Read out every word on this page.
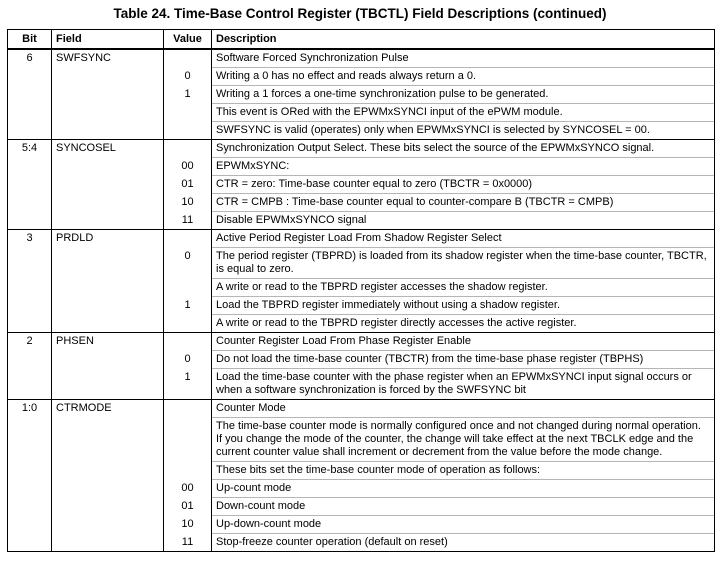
Table 24. Time-Base Control Register (TBCTL) Field Descriptions (continued)
Bit	Field	Value	Description
6	SWFSYNC		Software Forced Synchronization Pulse
		0	Writing a 0 has no effect and reads always return a 0.
		1	Writing a 1 forces a one-time synchronization pulse to be generated.
			This event is ORed with the EPWMxSYNCI input of the ePWM module.
			SWFSYNC is valid (operates) only when EPWMxSYNCI is selected by SYNCOSEL = 00.
5:4	SYNCOSEL		Synchronization Output Select. These bits select the source of the EPWMxSYNCO signal.
		00	EPWMxSYNC:
		01	CTR = zero: Time-base counter equal to zero (TBCTR = 0x0000)
		10	CTR = CMPB : Time-base counter equal to counter-compare B (TBCTR = CMPB)
		11	Disable EPWMxSYNCO signal
3	PRDLD		Active Period Register Load From Shadow Register Select
		0	The period register (TBPRD) is loaded from its shadow register when the time-base counter, TBCTR, is equal to zero.
			A write or read to the TBPRD register accesses the shadow register.
		1	Load the TBPRD register immediately without using a shadow register.
			A write or read to the TBPRD register directly accesses the active register.
2	PHSEN		Counter Register Load From Phase Register Enable
		0	Do not load the time-base counter (TBCTR) from the time-base phase register (TBPHS)
		1	Load the time-base counter with the phase register when an EPWMxSYNCI input signal occurs or when a software synchronization is forced by the SWFSYNC bit
1:0	CTRMODE		Counter Mode
			The time-base counter mode is normally configured once and not changed during normal operation. If you change the mode of the counter, the change will take effect at the next TBCLK edge and the current counter value shall increment or decrement from the value before the mode change.
			These bits set the time-base counter mode of operation as follows:
		00	Up-count mode
		01	Down-count mode
		10	Up-down-count mode
		11	Stop-freeze counter operation (default on reset)
